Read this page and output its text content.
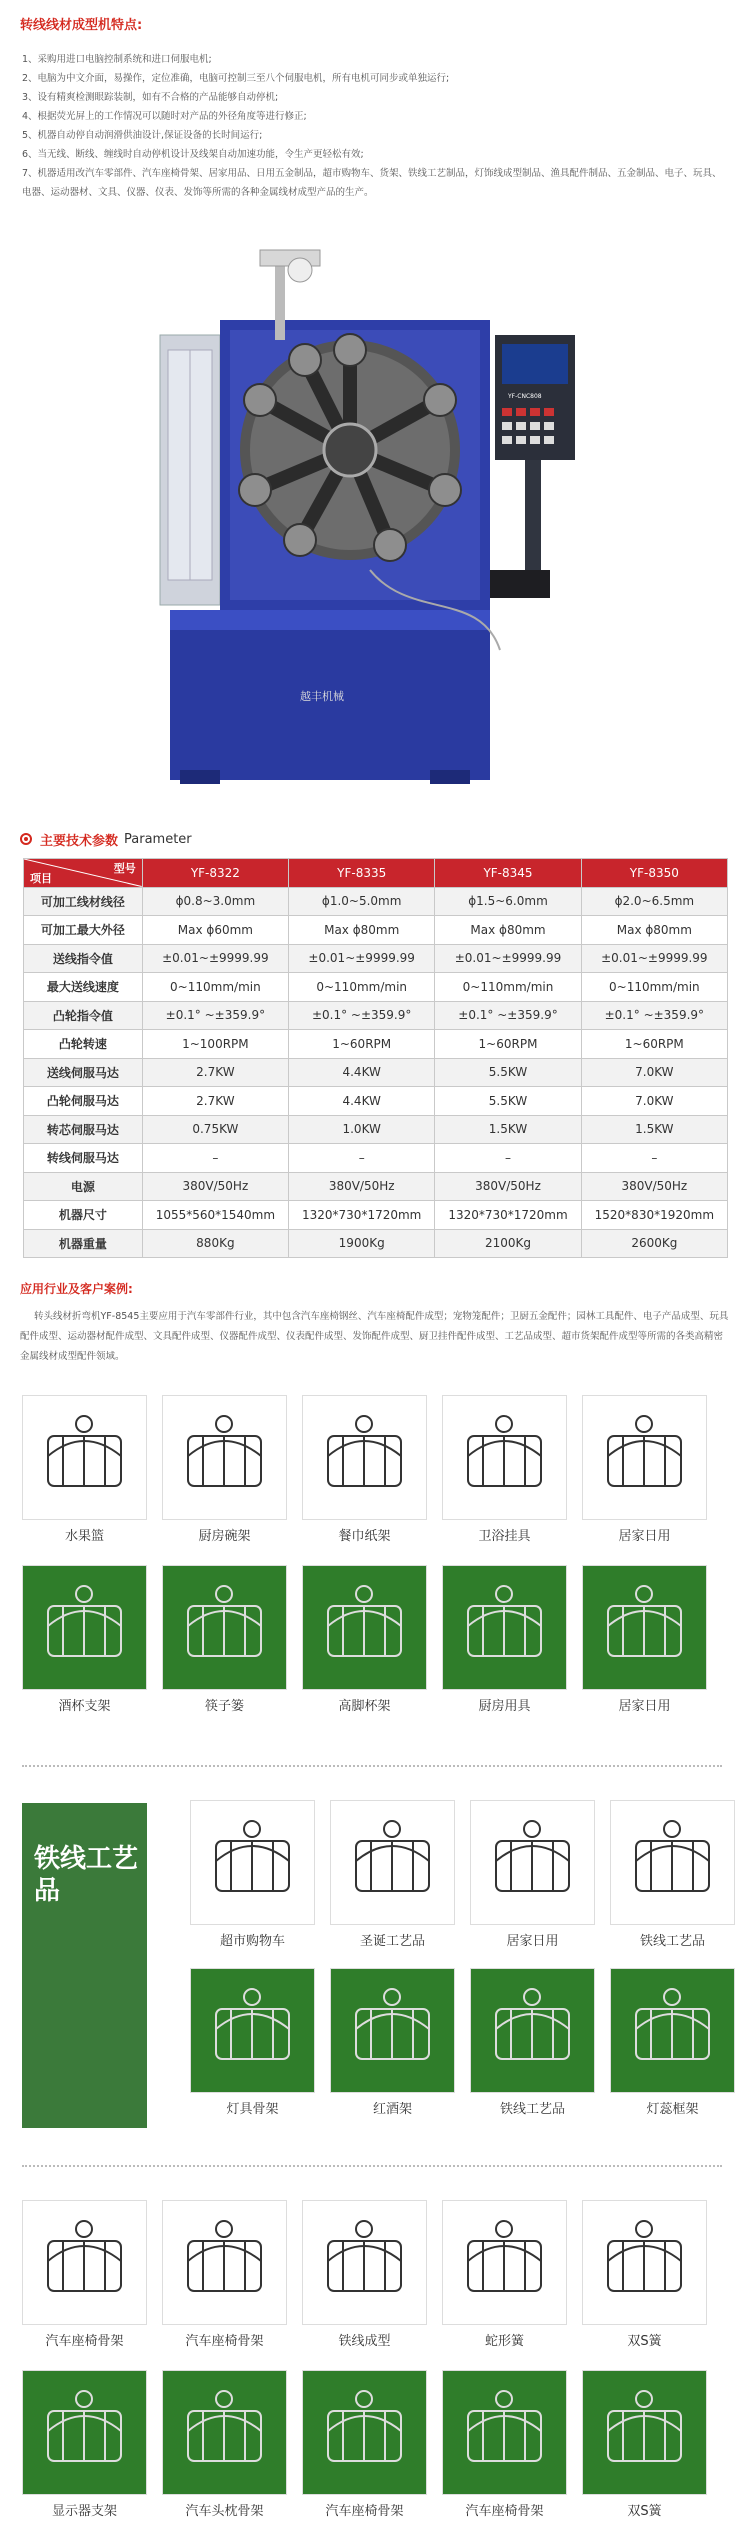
转线线材成型机特点:
1、采购用进口电脑控制系统和进口伺服电机;
2、电脑为中文介面，易操作，定位准确，电脑可控制三至八个伺服电机，所有电机可同步或单独运行;
3、设有精爽检测眼踪装制，如有不合格的产品能够自动停机;
4、根据荧光屏上的工作情况可以随时对产品的外径角度等进行修正;
5、机器自动停自动润滑供油设计,保证设备的长时间运行;
6、当无线、断线、缠线时自动停机设计及线架自动加速功能，令生产更轻松有效;
7、机器适用改汽车零部件、汽车座椅骨架、居家用品、日用五金制品，超市购物车、货架、铁线工艺制品，灯饰线成型制品、渔具配件制品、五金制品、电子、玩具、电器、运动器材、文具、仪器、仪表、发饰等所需的各种金属线材成型产品的生产。
YF-CNC808
越丰机械
主要技术参数 Parameter
型号
项目	YF-8322	YF-8335	YF-8345	YF-8350
可加工线材线径	ϕ0.8~3.0mm	ϕ1.0~5.0mm	ϕ1.5~6.0mm	ϕ2.0~6.5mm
可加工最大外径	Max ϕ60mm	Max ϕ80mm	Max ϕ80mm	Max ϕ80mm
送线指令值	±0.01~±9999.99	±0.01~±9999.99	±0.01~±9999.99	±0.01~±9999.99
最大送线速度	0~110mm/min	0~110mm/min	0~110mm/min	0~110mm/min
凸轮指令值	±0.1° ~±359.9°	±0.1° ~±359.9°	±0.1° ~±359.9°	±0.1° ~±359.9°
凸轮转速	1~100RPM	1~60RPM	1~60RPM	1~60RPM
送线伺服马达	2.7KW	4.4KW	5.5KW	7.0KW
凸轮伺服马达	2.7KW	4.4KW	5.5KW	7.0KW
转芯伺服马达	0.75KW	1.0KW	1.5KW	1.5KW
转线伺服马达	–	–	–	–
电源	380V/50Hz	380V/50Hz	380V/50Hz	380V/50Hz
机器尺寸	1055*560*1540mm	1320*730*1720mm	1320*730*1720mm	1520*830*1920mm
机器重量	880Kg	1900Kg	2100Kg	2600Kg
应用行业及客户案例:
转头线材折弯机YF-8545主要应用于汽车零部件行业，其中包含汽车座椅钢丝、汽车座椅配件成型；宠物笼配件；卫厨五金配件；园林工具配件、电子产品成型、玩具配件成型、运动器材配件成型、文具配件成型、仪器配件成型、仪表配件成型、发饰配件成型、厨卫挂件配件成型、工艺品成型、超市货架配件成型等所需的各类高精密金属线材成型配件领域。
水果篮	厨房碗架	餐巾纸架	卫浴挂具	居家日用
酒杯支架	筷子篓	高脚杯架	厨房用具	居家日用
超市购物车	圣诞工艺品	居家日用	铁线工艺品
灯具骨架	红酒架	铁线工艺品	灯蕊框架
汽车座椅骨架	汽车座椅骨架	铁线成型	蛇形簧	双S簧
显示器支架	汽车头枕骨架	汽车座椅骨架	汽车座椅骨架	双S簧
铁线工艺品
